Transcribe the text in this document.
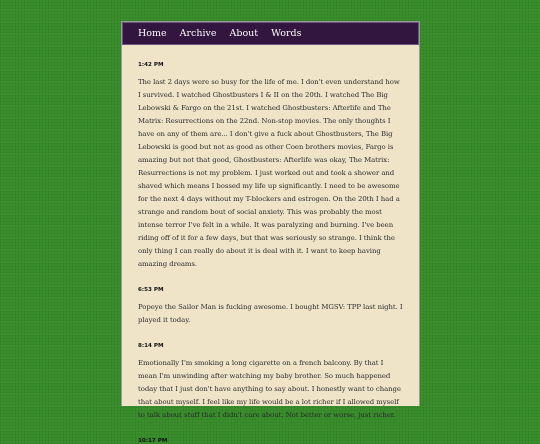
Home Archive About Words

1:42 PM

The last 2 days were so busy for the life of me. I don't even understand how I survived. I watched Ghostbusters I & II on the 20th. I watched The Big Lebowski & Fargo on the 21st. I watched Ghostbusters: Afterlife and The Matrix: Resurrections on the 22nd. Non-stop movies. The only thoughts I have on any of them are... I don't give a fuck about Ghostbusters, The Big Lebowski is good but not as good as other Coen brothers movies, Fargo is amazing but not that good, Ghostbusters: Afterlife was okay, The Matrix: Resurrections is not my problem. I just worked out and took a shower and shaved which means I bossed my life up significantly. I need to be awesome for the next 4 days without my T-blockers and estrogen. On the 20th I had a strange and random bout of social anxiety. This was probably the most intense terror I've felt in a while. It was paralyzing and burning. I've been riding off of it for a few days, but that was seriously so strange. I think the only thing I can really do about it is deal with it. I want to keep having amazing dreams.

6:53 PM

Popeye the Sailor Man is fucking awesome. I bought MGSV: TPP last night. I played it today.

8:14 PM

Emotionally I'm smoking a long cigarette on a french balcony. By that I mean I'm unwinding after watching my baby brother. So much happened today that I just don't have anything to say about. I honestly want to change that about myself. I feel like my life would be a lot richer if I allowed myself to talk about stuff that I didn't care about. Not better or worse, just richer.

10:17 PM
